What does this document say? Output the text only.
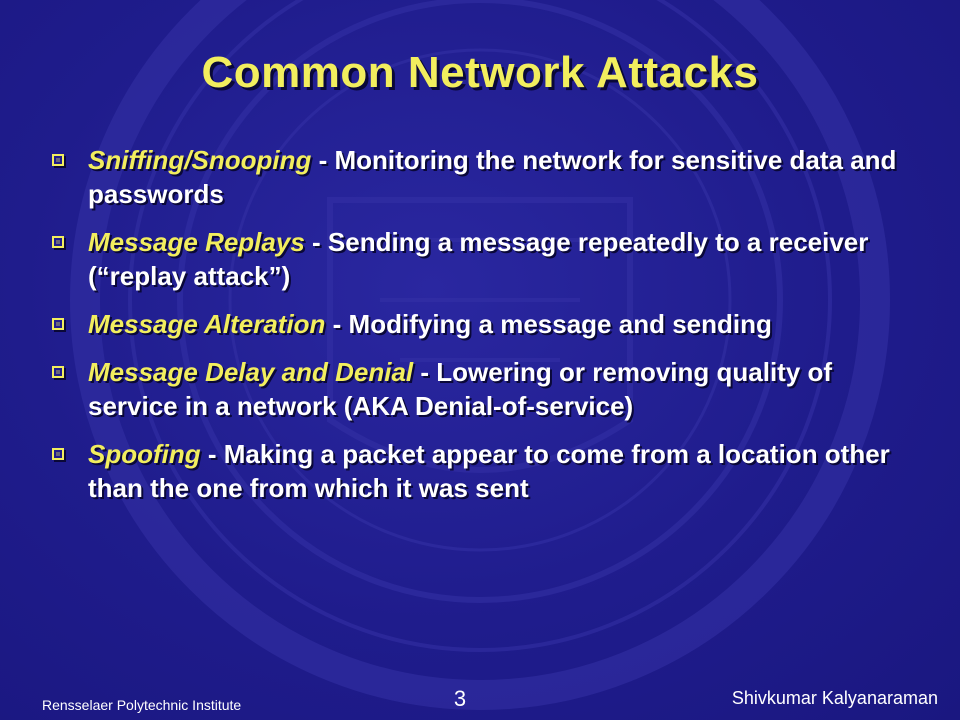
Common Network Attacks
Sniffing/Snooping - Monitoring the network for sensitive data and passwords
Message Replays - Sending a message repeatedly to a receiver (“replay attack”)
Message Alteration - Modifying a message and sending
Message Delay and Denial - Lowering or removing quality of service in a network (AKA Denial-of-service)
Spoofing - Making a packet appear to come from a location other than the one from which it was sent
Rensselaer Polytechnic Institute	3	Shivkumar Kalyanaraman
